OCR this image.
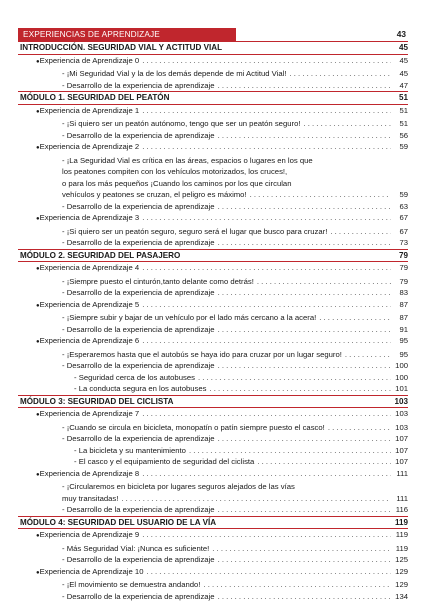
EXPERIENCIAS DE APRENDIZAJE	43
INTRODUCCIÓN. SEGURIDAD VIAL Y ACTITUD VIAL	45
● Experiencia de Aprendizaje 0 . . .	45
- ¡Mi Seguridad Vial y la de los demás depende de mi Actitud Vial! . . .	45
- Desarrollo de la experiencia de aprendizaje . . .	47
MÓDULO 1. SEGURIDAD DEL PEATÓN	51
● Experiencia de Aprendizaje 1 . . .	51
- ¡Si quiero ser un peatón autónomo, tengo que ser un peatón seguro! . . .	51
- Desarrollo de la experiencia de aprendizaje . . .	56
● Experiencia de Aprendizaje 2 . . .	59
- ¡La Seguridad Vial es crítica en las áreas, espacios o lugares en los que
los peatones compiten con los vehículos motorizados, los cruces!,
o para los más pequeños ¡Cuando los caminos por los que circulan
vehículos y peatones se cruzan, el peligro es máximo! . . .	59
- Desarrollo de la experiencia de aprendizaje . . .	63
● Experiencia de Aprendizaje 3 . . .	67
- ¡Si quiero ser un peatón seguro, seguro será el lugar que busco para cruzar! . . .	67
- Desarrollo de la experiencia de aprendizaje . . .	73
MÓDULO 2. SEGURIDAD DEL PASAJERO	79
● Experiencia de Aprendizaje 4 . . .	79
- ¡Siempre puesto el cinturón,tanto delante como detrás! . . .	79
- Desarrollo de la experiencia de aprendizaje . . .	83
● Experiencia de Aprendizaje 5 . . .	87
- ¡Siempre subir y bajar de un vehículo por el lado más cercano a la acera! . . .	87
- Desarrollo de la experiencia de aprendizaje . . .	91
● Experiencia de Aprendizaje 6 . . .	95
- ¡Esperaremos hasta que el autobús se haya ido para cruzar por un lugar seguro! . . .	95
- Desarrollo de la experiencia de aprendizaje . . .	100
- Seguridad cerca de los autobuses . . .	100
- La conducta segura en los autobuses . . .	101
MÓDULO 3: SEGURIDAD DEL CICLISTA	103
● Experiencia de Aprendizaje 7 . . .	103
- ¡Cuando se circula en bicicleta, monopatín o patín siempre puesto el casco! . . .	103
- Desarrollo de la experiencia de aprendizaje . . .	107
- La bicicleta y su mantenimiento . . .	107
- El casco y el equipamiento de seguridad del ciclista . . .	107
● Experiencia de Aprendizaje 8 . . .	111
- ¡Circularemos en bicicleta por lugares seguros alejados de las vías
muy transitadas! . . .	111
- Desarrollo de la experiencia de aprendizaje . . .	116
MÓDULO 4: SEGURIDAD DEL USUARIO DE LA VÍA	119
● Experiencia de Aprendizaje 9 . . .	119
- Más Seguridad Vial: ¡Nunca es suficiente! . . .	119
- Desarrollo de la experiencia de aprendizaje . . .	125
● Experiencia de Aprendizaje 10 . . .	129
- ¡El movimiento se demuestra andando! . . .	129
- Desarrollo de la experiencia de aprendizaje . . .	134
